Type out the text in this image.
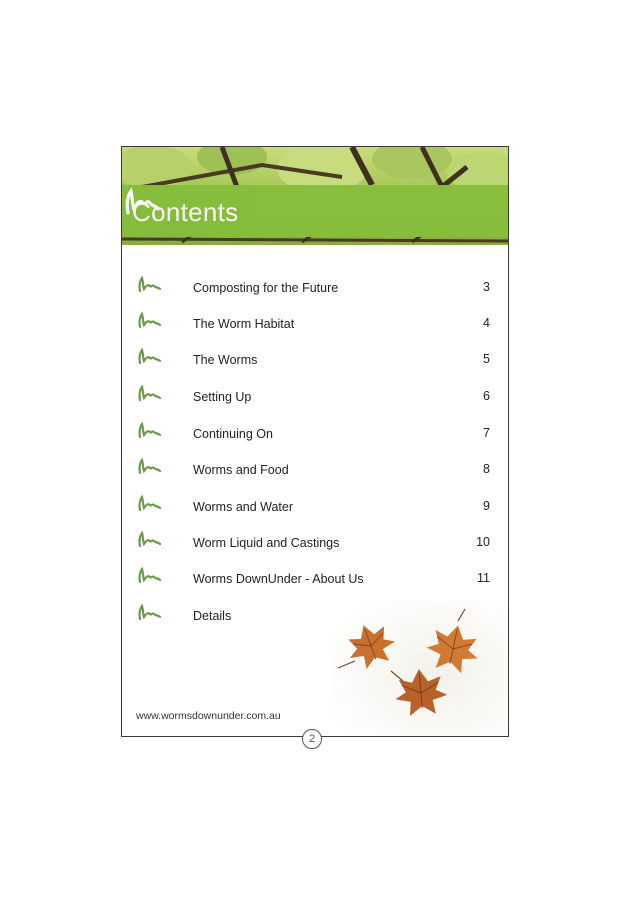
Contents
Composting for the Future	3
The Worm Habitat	4
The Worms	5
Setting Up	6
Continuing On	7
Worms and Food	8
Worms and Water	9
Worm Liquid and Castings	10
Worms DownUnder - About Us	11
Details
www.wormsdownunder.com.au
2
